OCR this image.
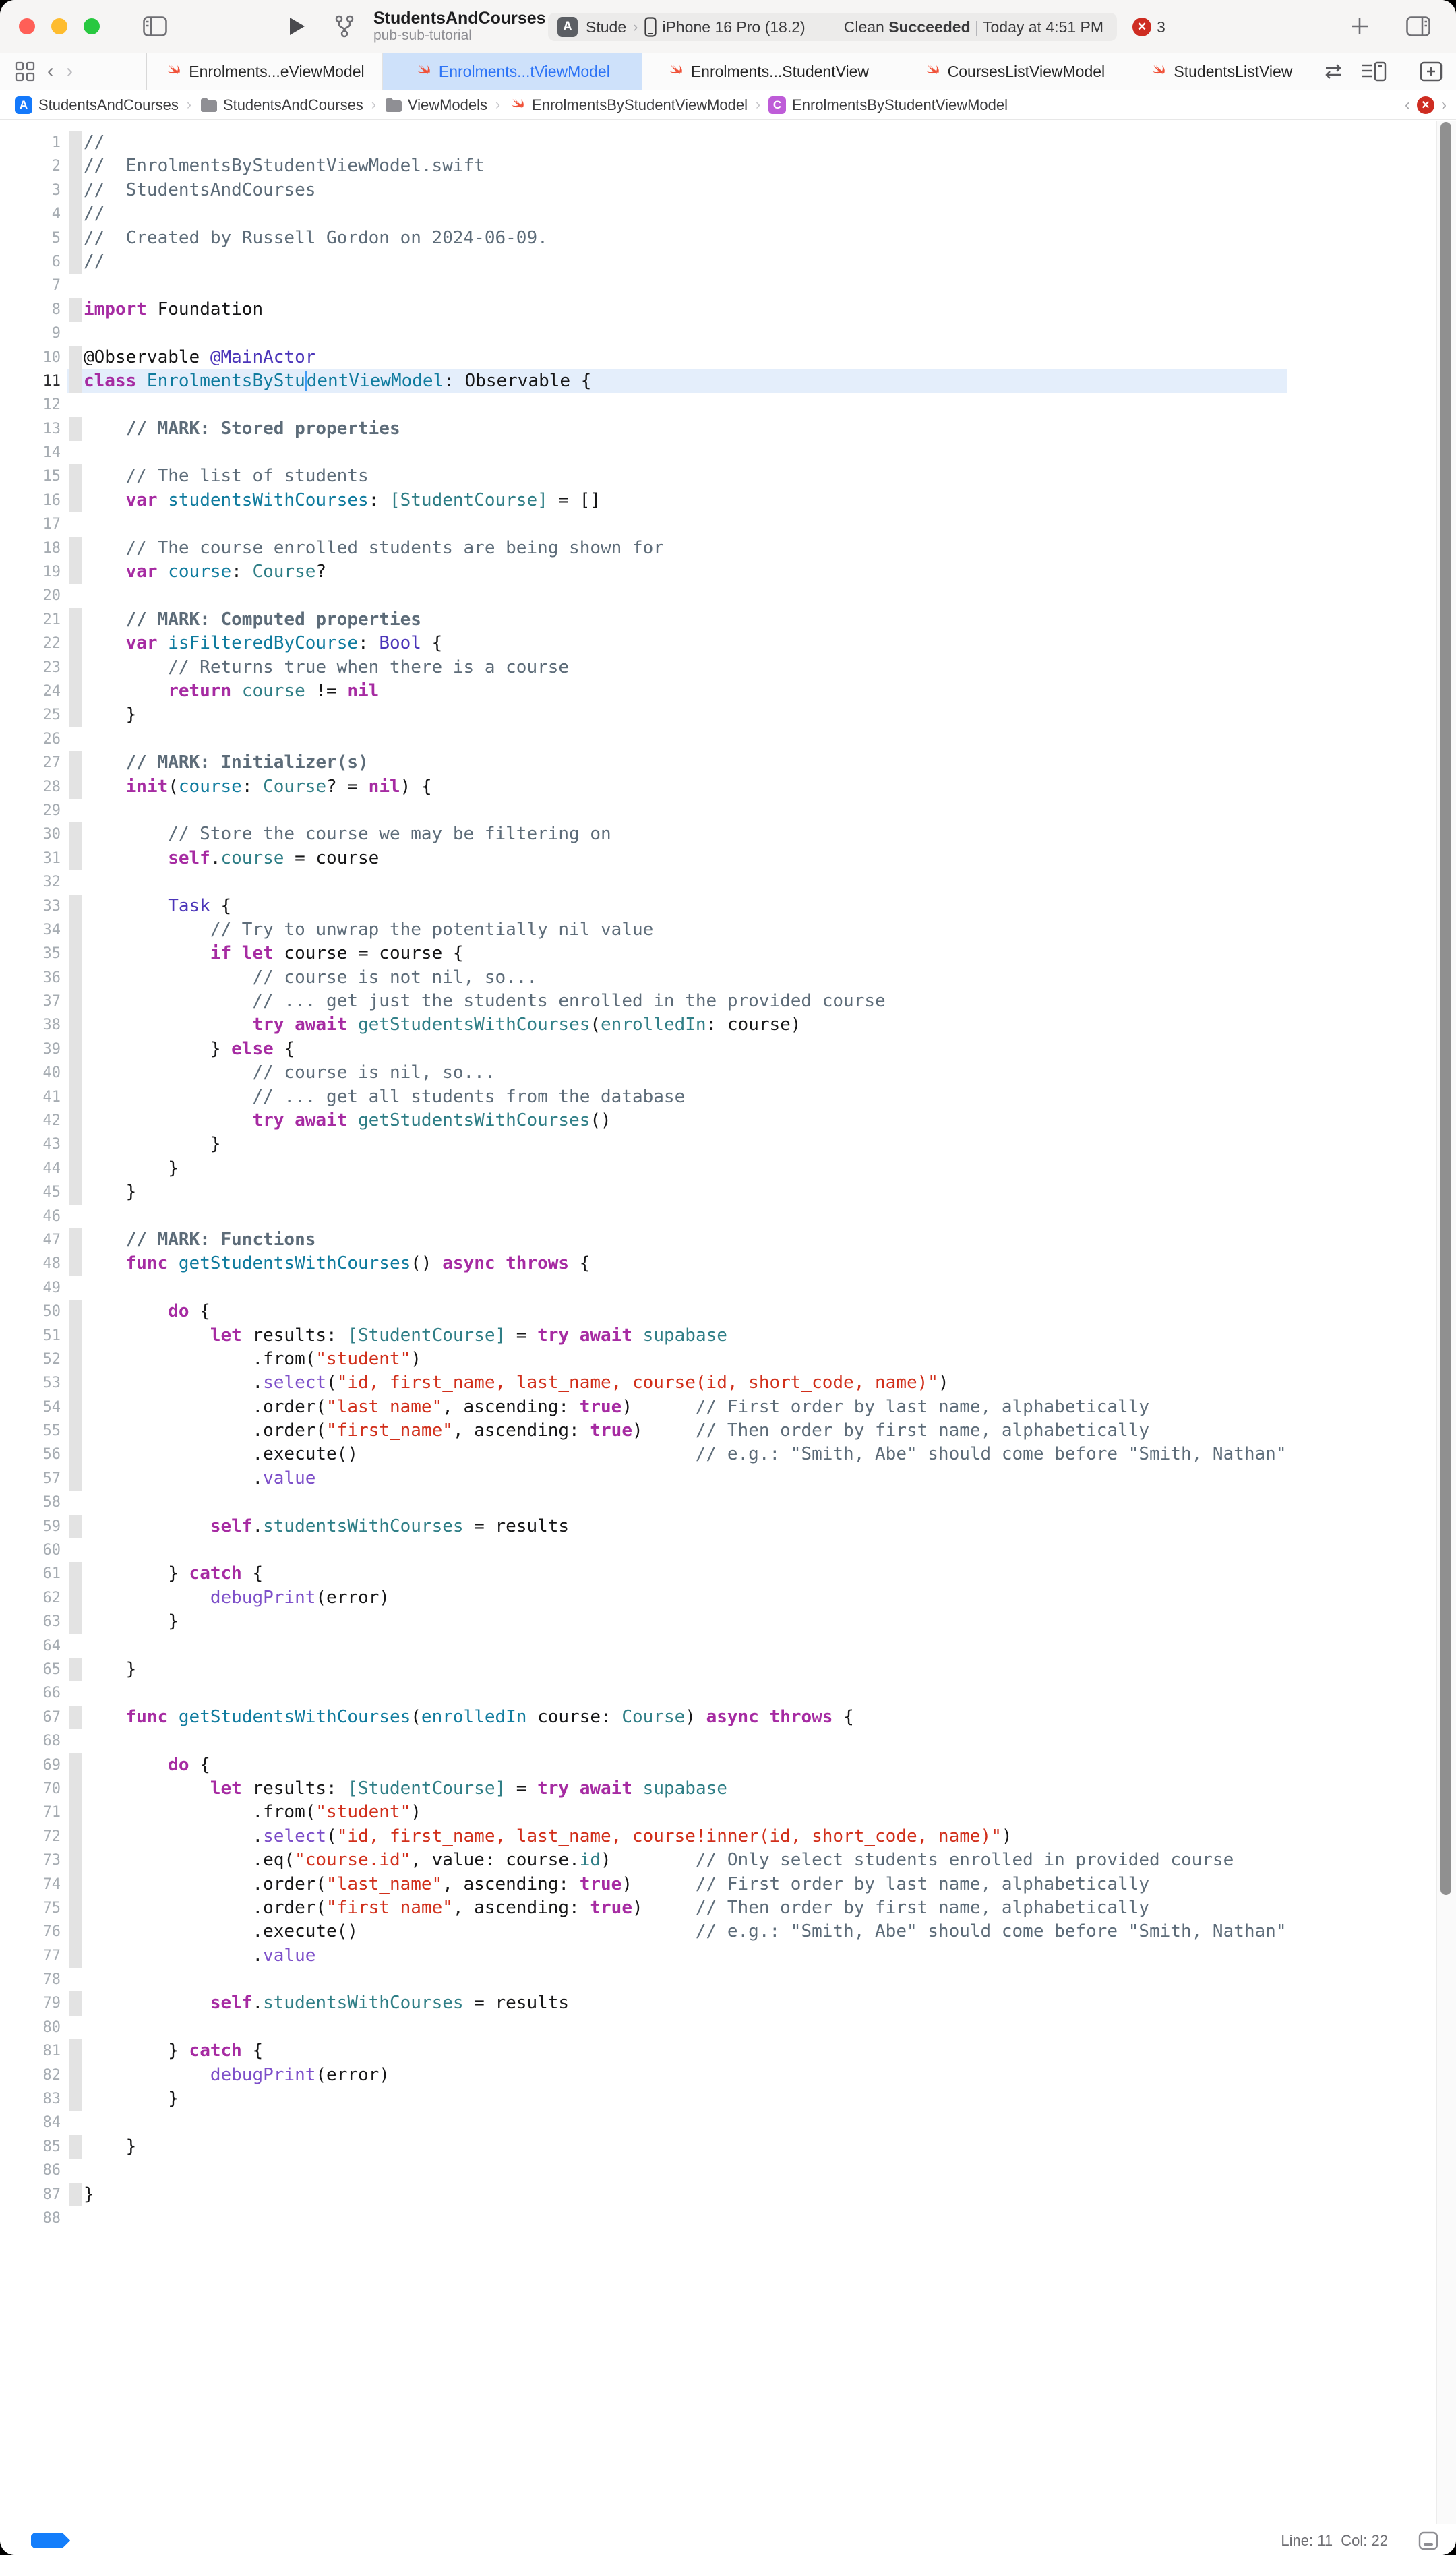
StudentsAndCourses
pub-sub-tutorial
A Stude › iPhone 16 Pro (18.2) Clean Succeeded | Today at 4:51 PM	✕ 3
‹ ›	Enrolments...eViewModel	Enrolments...tViewModel	Enrolments...StudentView	CoursesListViewModel	StudentsListView
A StudentsAndCourses › StudentsAndCourses › ViewModels › EnrolmentsByStudentViewModel ›	C EnrolmentsByStudentViewModel	‹	✕ ›
1	//
2	//  EnrolmentsByStudentViewModel.swift
3	//  StudentsAndCourses
4	//
5	//  Created by Russell Gordon on 2024-06-09.
6	//
7
8	import Foundation
9
10	@Observable @MainActor
11	class EnrolmentsByStudentViewModel: Observable {
12
13	// MARK: Stored properties
14
15	// The list of students
16	var studentsWithCourses: [StudentCourse] = []
17
18	// The course enrolled students are being shown for
19	var course: Course?
20
21	// MARK: Computed properties
22	var isFilteredByCourse: Bool {
23	// Returns true when there is a course
24	return course != nil
25	}
26
27	// MARK: Initializer(s)
28	init(course: Course? = nil) {
29
30	// Store the course we may be filtering on
31	self.course = course
32
33	Task {
34	// Try to unwrap the potentially nil value
35	if let course = course {
36	// course is not nil, so...
37	// ... get just the students enrolled in the provided course
38	try await getStudentsWithCourses(enrolledIn: course)
39	} else {
40	// course is nil, so...
41	// ... get all students from the database
42	try await getStudentsWithCourses()
43	}
44	}
45	}
46
47	// MARK: Functions
48	func getStudentsWithCourses() async throws {
49
50	do {
51	let results: [StudentCourse] = try await supabase
52	.from("student")
53	.select("id, first_name, last_name, course(id, short_code, name)")
54	.order("last_name", ascending: true)      // First order by last name, alphabetically
55	.order("first_name", ascending: true)     // Then order by first name, alphabetically
56	.execute()                                // e.g.: "Smith, Abe" should come before "Smith, Nathan"
57	.value
58
59	self.studentsWithCourses = results
60
61	} catch {
62	debugPrint(error)
63	}
64
65	}
66
67	func getStudentsWithCourses(enrolledIn course: Course) async throws {
68
69	do {
70	let results: [StudentCourse] = try await supabase
71	.from("student")
72	.select("id, first_name, last_name, course!inner(id, short_code, name)")
73	.eq("course.id", value: course.id)        // Only select students enrolled in provided course
74	.order("last_name", ascending: true)      // First order by last name, alphabetically
75	.order("first_name", ascending: true)     // Then order by first name, alphabetically
76	.execute()                                // e.g.: "Smith, Abe" should come before "Smith, Nathan"
77	.value
78
79	self.studentsWithCourses = results
80
81	} catch {
82	debugPrint(error)
83	}
84
85	}
86
87	}
88
Line: 11  Col: 22
